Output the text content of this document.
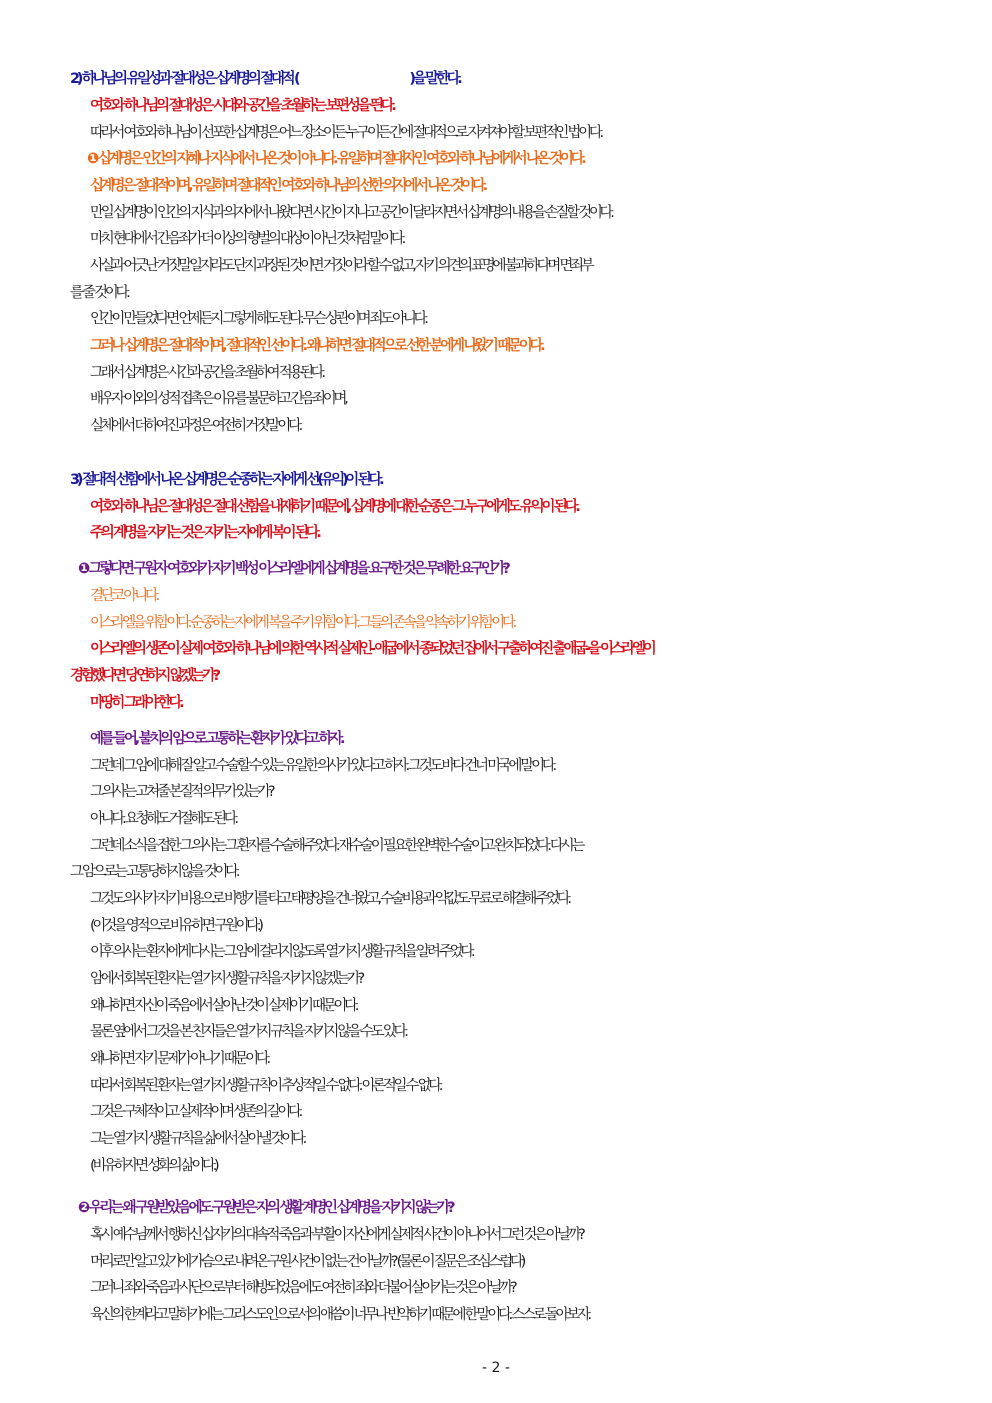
2) 하나님의 유일성과 절대성은 십계명의 절대적 (	)을 말한다.
여호와 하나님의 절대성은 시대와 공간을 초월하는 보편성을 띈다.
따라서 여호와 하나님이 선포한 십계명은 어느 장소이든 누구이든 간에 절대적으로 지켜져야 할 보편적인 법이다.
❶ 십계명은 인간의 지혜나 지식에서 나온 것이 아니다. 유일하며 절대자인 여호와 하나님에게서 나온 것이다.
십계명은 절대적이며, 유일하며 절대적인 여호와 하나님의 선한 의지에서 나온 것이다.
만일 십계명이 인간의 지식과 의지에서 나왔다면 시간이 지나고 공간이 달라지면서 십계명의 내용을 손질할 것이다.
마치 현대에서 간음죄가 더 이상의 형벌의 대상이 아닌 것처럼 말이다.
사실과 어긋난 거짓말일지라도 단지 과장된 것이면 거짓이라 할 수 없고, 자기 의견의 표명에 불과하다며 면죄부
를 줄 것이다.
인간이 만들었다면 언제든지 그렇게 해도 된다. 무슨 상관이며 죄도 아니다.
그러나 십계명은 절대적이며, 절대적인 선이다. 왜냐하면 절대적으로 선한 분에게 나왔기 때문이다.
그래서 십계명은 시간과 공간을 초월하여 적용된다.
배우자 이외의 성적 접촉은 이유를 불문하고 간음죄이며,
실체에서 더하여진 과정은 여전히 거짓말이다.
3) 절대적 선함에서 나온 십계명은 순종하는 자에게 선(유익)이 된다.
여호와 하나님은 절대성은 절대 선함을 내재하기 때문에, 십계명에 대한 순종은 그 누구에게도 유익이 된다.
주의 계명을 지키는 것은 지키는 자에게 복이 된다.
❶ 그렇다면 구원자 여호와가 자기 백성 이스라엘에게 십계명을 요구한 것은 무례한 요구인가?
결단코 아니다.
이스라엘을 위함이다. 순종하는 자에게 복을 주기 위함이다. 그들의 존속을 약속하기 위함이다.
이스라엘의 생존이 실제 여호와 하나님에 의한 역사적 실제인- 애굽에서 종되었던 집에서 구출하여진 출애굽-을 이스라엘이
경험했다면 당연하지 않겠는가?
마땅히 그래야 한다.
예를 들어, 불치의 암으로 고통하는 환자가 있다고 하자.
그런데 그 암에 대해 잘 알고 수술할 수 있는 유일한 의사가 있다고 하자. 그것도 바다 건너 미국에 말이다.
그 의사는 고쳐줄 본질적 의무가 있는가?
아니다. 요청해도 거절해도 된다.
그런데 소식을 접한 그 의사는 그 환자를 수술해 주었다. 재수술이 필요한 완벽한 수술이고 완치되었다. 다시는
그 암으로는 고통당하지 않을 것이다.
그것도 의사가 자기 비용으로 비행기를 타고 태평양을 건너왔고, 수술비용과 약값도 무료로 해결해 주었다.
(이것을 영적으로 비유하면 구원이다.)
이후 의사는 환자에게 다시는 그 암에 걸리지 않도록 열 가지 생활 규칙을 알려 주었다.
암에서 회복된 환자는 열 가지 생활 규칙을 지키지 않겠는가?
왜냐하면 자신이 죽음에서 살아난 것이 실제이기 때문이다.
물론 옆에서 그것을 본 친지들은 열 가지 규칙을 지키지 않을 수도 있다.
왜냐하면 자기 문제가 아니기 때문이다.
따라서 회복된 환자는 열 가지 생활 규칙이 추상적일 수 없다. 이론적일 수 없다.
그것은 구체적이고 실제적이며 생존의 길이다.
그는 열 가지 생활 규칙을 삶에서 살아낼 것이다.
(비유하자면 성화의 삶이다.)
❷ 우리는 왜 구원받았음에도 구원받은 자의 생활 계명인 십계명을 지키지 않는가?
혹시 예수님께서 행하신 십자가의 대속적 죽음과 부활이 자신에게 실제적 사건이 아니어서 그런 것은 아닐까?
머리로만 알고 있기에 가슴으로 내려온 구원 사건이 없는 건 아닐까? (물론 이 질문은 조심스럽다)
그러니 죄와 죽음과 사단으로부터 해방되었음에도 여전히 죄와 더불어 살아가는 것은 아닐까?
육신의 한계라고 말하기에는 그리스도인으로서의 애씀이 너무나 빈약하기 때문에 한 말이다. 스스로 돌아보자.
- 2 -
